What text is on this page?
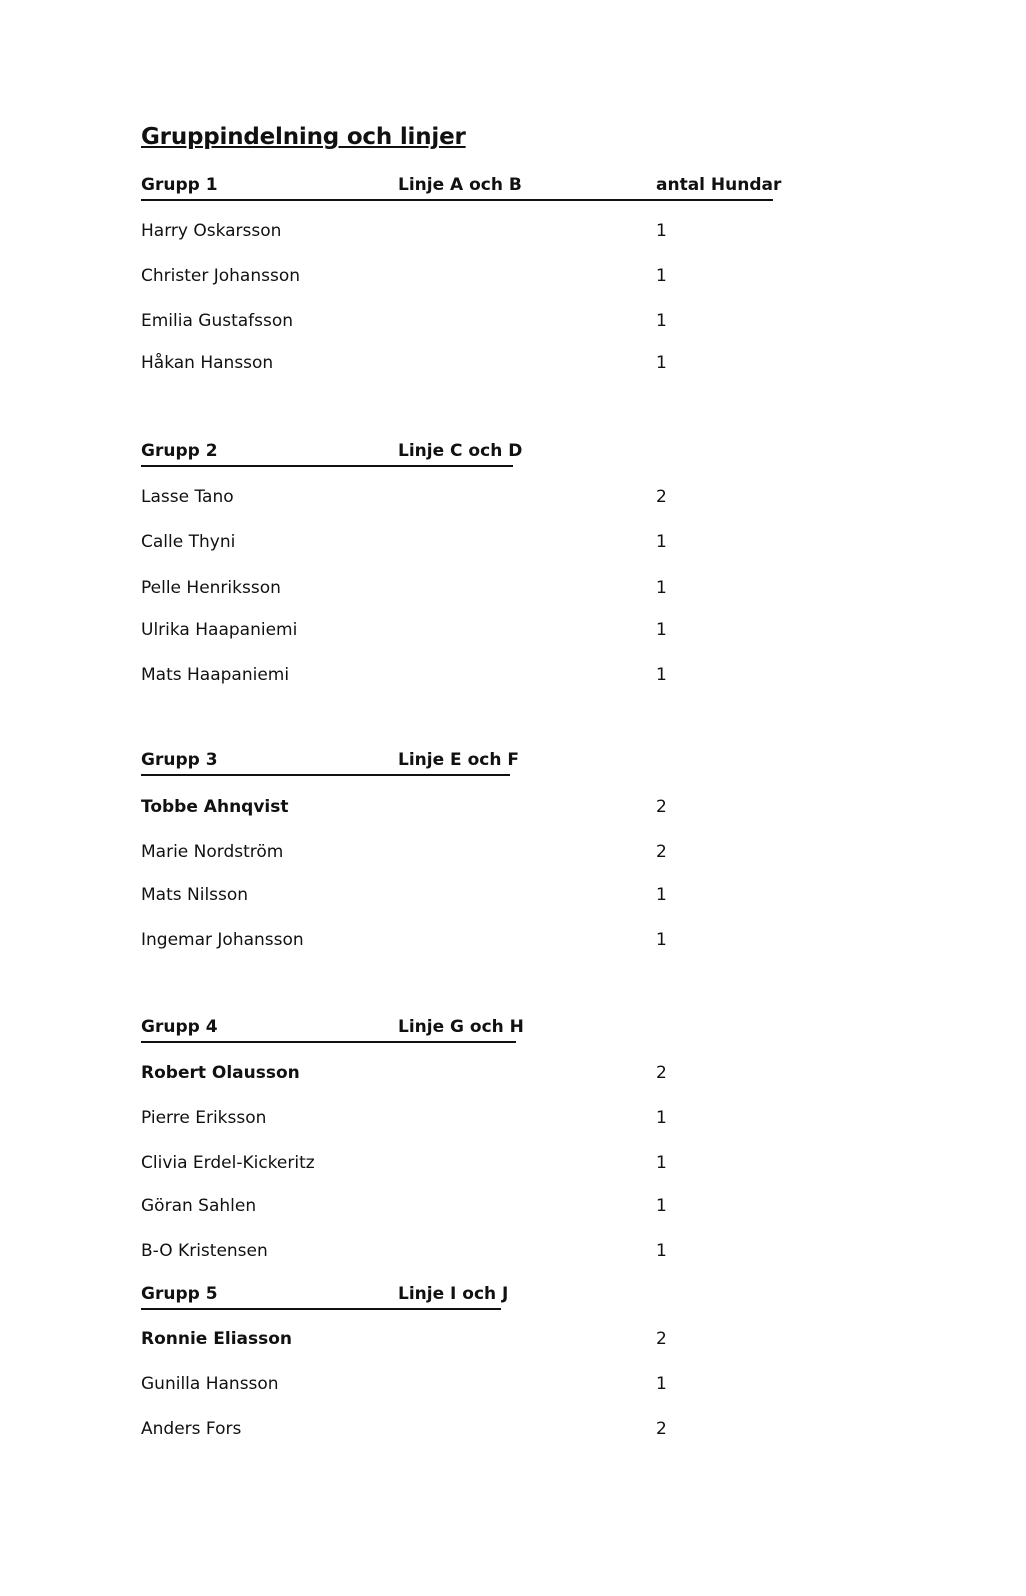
Gruppindelning och linjer
Grupp 1	Linje A och B	antal Hundar
Harry Oskarsson	1
Christer Johansson	1
Emilia Gustafsson	1
Håkan Hansson	1
Grupp 2	Linje C och D
Lasse Tano	2
Calle Thyni	1
Pelle Henriksson	1
Ulrika Haapaniemi	1
Mats Haapaniemi	1
Grupp 3	Linje E och F
Tobbe Ahnqvist	2
Marie Nordström	2
Mats Nilsson	1
Ingemar Johansson	1
Grupp 4	Linje G och H
Robert Olausson	2
Pierre Eriksson	1
Clivia Erdel-Kickeritz	1
Göran Sahlen	1
B-O Kristensen	1
Grupp 5	Linje I och J
Ronnie Eliasson	2
Gunilla Hansson	1
Anders Fors	2
